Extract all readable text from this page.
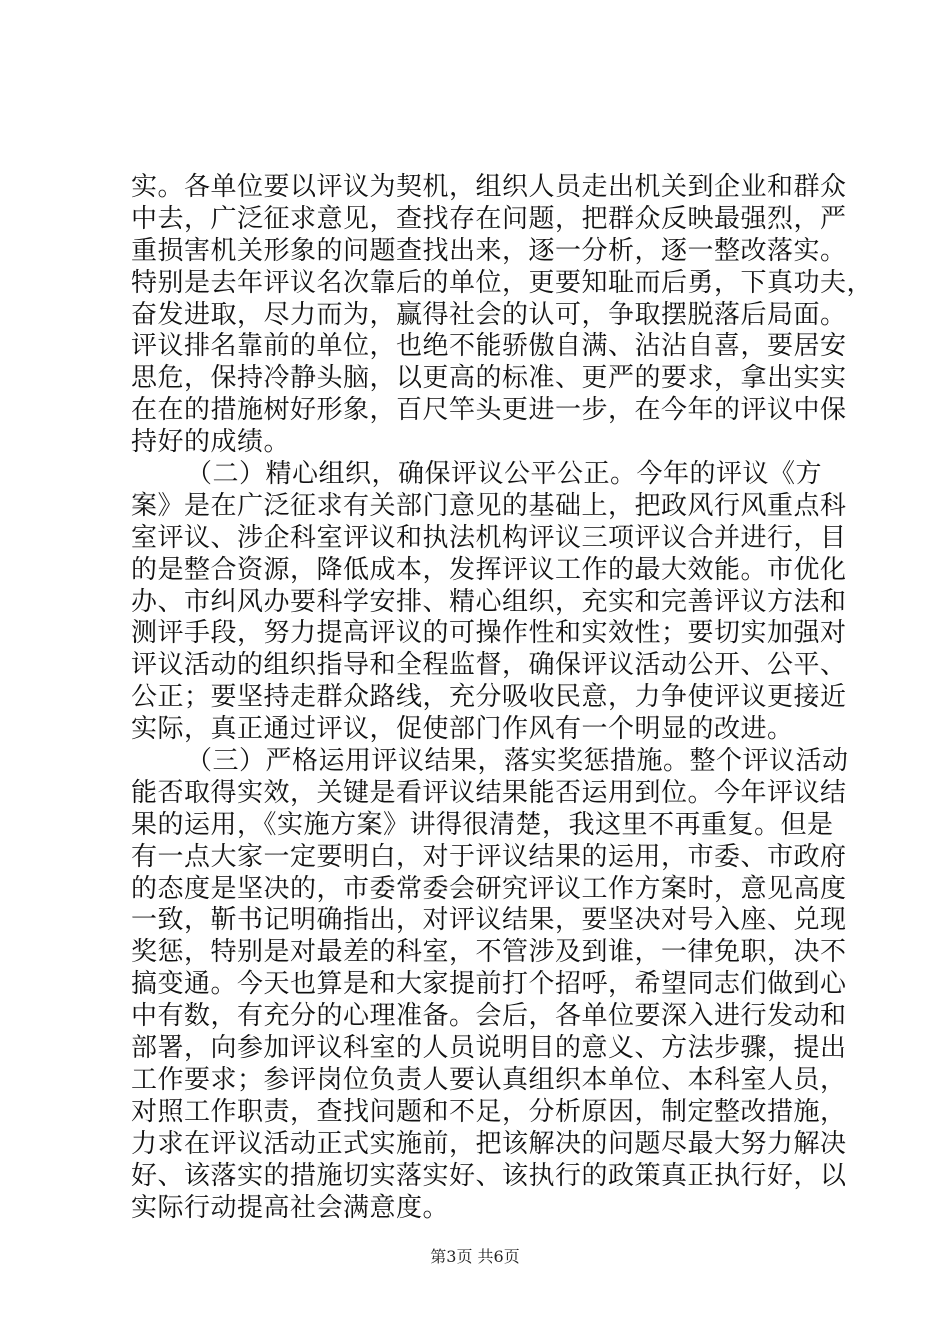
实。各单位要以评议为契机，组织人员走出机关到企业和群众
中去，广泛征求意见，查找存在问题，把群众反映最强烈，严
重损害机关形象的问题查找出来，逐一分析，逐一整改落实。
特别是去年评议名次靠后的单位，更要知耻而后勇，下真功夫，
奋发进取，尽力而为，赢得社会的认可，争取摆脱落后局面。
评议排名靠前的单位，也绝不能骄傲自满、沾沾自喜，要居安
思危，保持冷静头脑，以更高的标准、更严的要求，拿出实实
在在的措施树好形象，百尺竿头更进一步，在今年的评议中保
持好的成绩。
（二）精心组织，确保评议公平公正。今年的评议《方
案》是在广泛征求有关部门意见的基础上，把政风行风重点科
室评议、涉企科室评议和执法机构评议三项评议合并进行，目
的是整合资源，降低成本，发挥评议工作的最大效能。市优化
办、市纠风办要科学安排、精心组织，充实和完善评议方法和
测评手段，努力提高评议的可操作性和实效性；要切实加强对
评议活动的组织指导和全程监督，确保评议活动公开、公平、
公正；要坚持走群众路线，充分吸收民意，力争使评议更接近
实际，真正通过评议，促使部门作风有一个明显的改进。
（三）严格运用评议结果，落实奖惩措施。整个评议活动
能否取得实效，关键是看评议结果能否运用到位。今年评议结
果的运用，《实施方案》讲得很清楚，我这里不再重复。但是
有一点大家一定要明白，对于评议结果的运用，市委、市政府
的态度是坚决的，市委常委会研究评议工作方案时，意见高度
一致，靳书记明确指出，对评议结果，要坚决对号入座、兑现
奖惩，特别是对最差的科室，不管涉及到谁，一律免职，决不
搞变通。今天也算是和大家提前打个招呼，希望同志们做到心
中有数，有充分的心理准备。会后，各单位要深入进行发动和
部署，向参加评议科室的人员说明目的意义、方法步骤，提出
工作要求；参评岗位负责人要认真组织本单位、本科室人员，
对照工作职责，查找问题和不足，分析原因，制定整改措施，
力求在评议活动正式实施前，把该解决的问题尽最大努力解决
好、该落实的措施切实落实好、该执行的政策真正执行好，以
实际行动提高社会满意度。
第3页 共6页
